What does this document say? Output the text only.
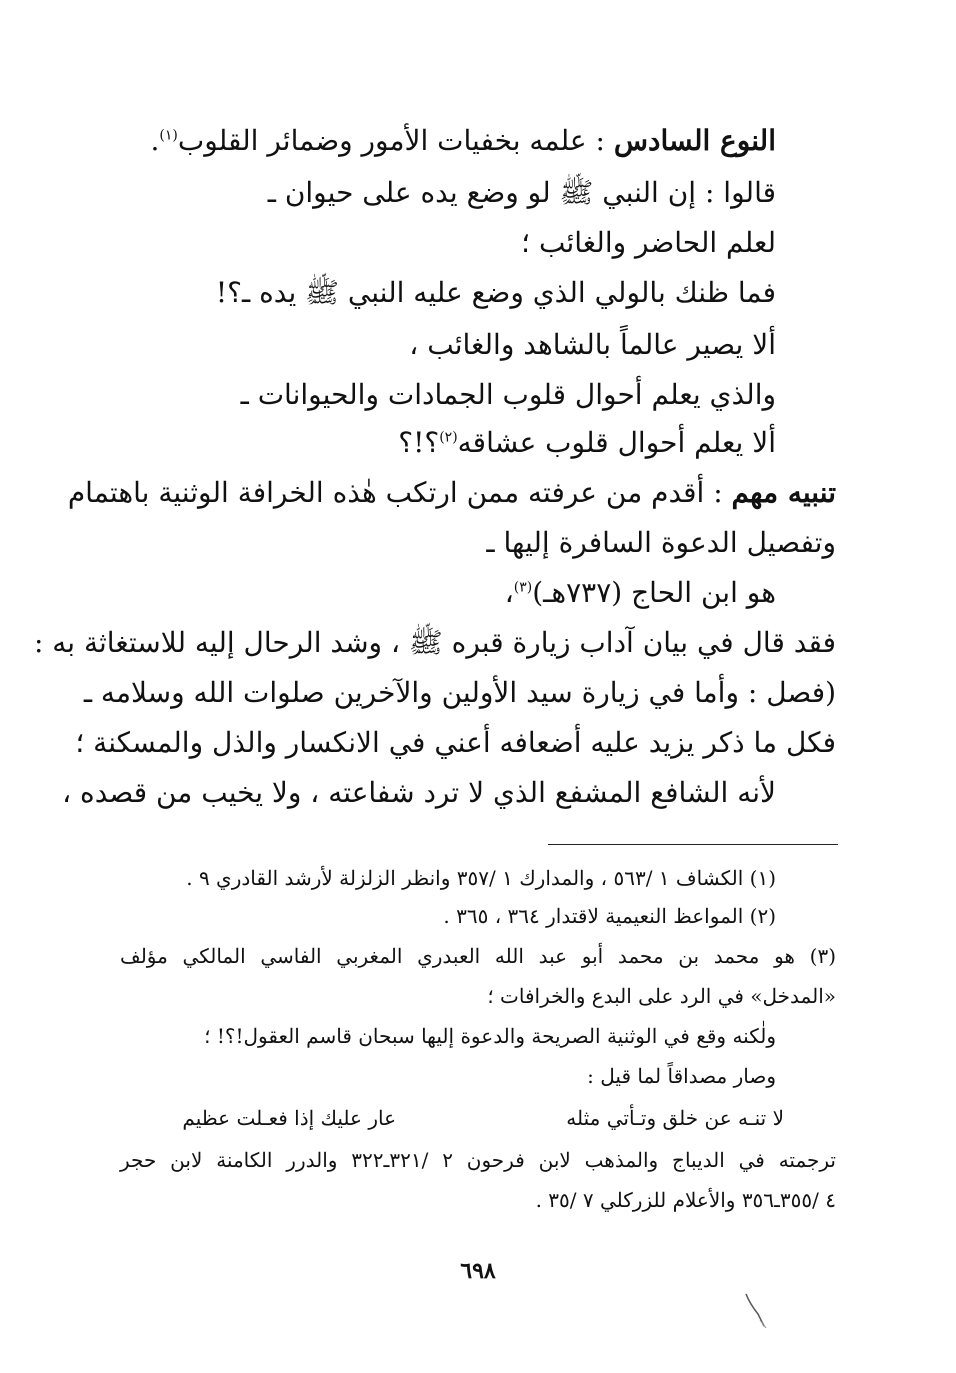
النوع السادس : علمه بخفيات الأمور وضمائر القلوب$^{(١)}$.
قالوا : إن النبي ﷺ لو وضع يده على حيوان ـ
لعلم الحاضر والغائب ؛
فما ظنك بالولي الذي وضع عليه النبي ﷺ يده ـ؟!
ألا يصير عالماً بالشاهد والغائب ،
والذي يعلم أحوال قلوب الجمادات والحيوانات ـ
ألا يعلم أحوال قلوب عشاقه$^{(٢)}$؟!؟
تنبيه مهم : أقدم من عرفته ممن ارتكب هٰذه الخرافة الوثنية باهتمام
وتفصيل الدعوة السافرة إليها ـ
هو ابن الحاج (٧٣٧هـ)$^{(٣)}$،
فقد قال في بيان آداب زيارة قبره ﷺ ، وشد الرحال إليه للاستغاثة به :
(فصل : وأما في زيارة سيد الأولين والآخرين صلوات الله وسلامه ـ
فكل ما ذكر يزيد عليه أضعافه أعني في الانكسار والذل والمسكنة ؛
لأنه الشافع المشفع الذي لا ترد شفاعته ، ولا يخيب من قصده ،
(١) الكشاف ١ /٥٦٣ ، والمدارك ١ /٣٥٧ وانظر الزلزلة لأرشد القادري ٩ .
(٢) المواعظ النعيمية لاقتدار ٣٦٤ ، ٣٦٥ .
(٣) هو محمد بن محمد أبو عبد الله العبدري المغربي الفاسي المالكي مؤلف
«المدخل» في الرد على البدع والخرافات ؛
ولٰكنه وقع في الوثنية الصريحة والدعوة إليها سبحان قاسم العقول!؟! ؛
وصار مصداقاً لما قيل :
لا تنـه عن خلق وتـأتي مثله
عار عليك إذا فعـلت عظيم
ترجمته في الديباج والمذهب لابن فرحون ٢ /٣٢١ـ٣٢٢ والدرر الكامنة لابن حجر
٤ /٣٥٥ـ٣٥٦ والأعلام للزركلي ٧ /٣٥ .
٦٩٨
